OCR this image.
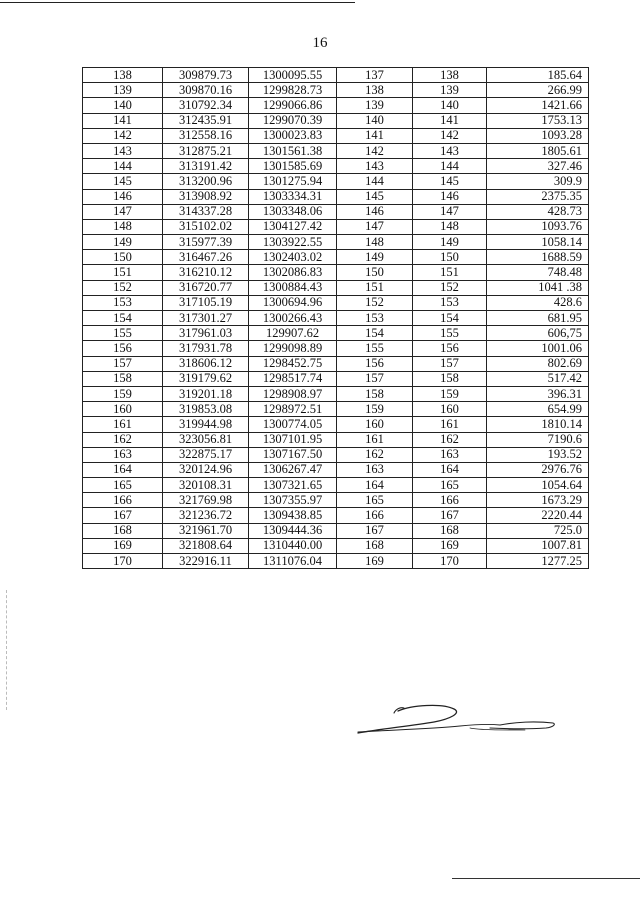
16
138	309879.73	1300095.55	137	138	185.64
139	309870.16	1299828.73	138	139	266.99
140	310792.34	1299066.86	139	140	1421.66
141	312435.91	1299070.39	140	141	1753.13
142	312558.16	1300023.83	141	142	1093.28
143	312875.21	1301561.38	142	143	1805.61
144	313191.42	1301585.69	143	144	327.46
145	313200.96	1301275.94	144	145	309.9
146	313908.92	1303334.31	145	146	2375.35
147	314337.28	1303348.06	146	147	428.73
148	315102.02	1304127.42	147	148	1093.76
149	315977.39	1303922.55	148	149	1058.14
150	316467.26	1302403.02	149	150	1688.59
151	316210.12	1302086.83	150	151	748.48
152	316720.77	1300884.43	151	152	1041 .38
153	317105.19	1300694.96	152	153	428.6
154	317301.27	1300266.43	153	154	681.95
155	317961.03	129907.62	154	155	606,75
156	317931.78	1299098.89	155	156	1001.06
157	318606.12	1298452.75	156	157	802.69
158	319179.62	1298517.74	157	158	517.42
159	319201.18	1298908.97	158	159	396.31
160	319853.08	1298972.51	159	160	654.99
161	319944.98	1300774.05	160	161	1810.14
162	323056.81	1307101.95	161	162	7190.6
163	322875.17	1307167.50	162	163	193.52
164	320124.96	1306267.47	163	164	2976.76
165	320108.31	1307321.65	164	165	1054.64
166	321769.98	1307355.97	165	166	1673.29
167	321236.72	1309438.85	166	167	2220.44
168	321961.70	1309444.36	167	168	725.0
169	321808.64	1310440.00	168	169	1007.81
170	322916.11	1311076.04	169	170	1277.25
